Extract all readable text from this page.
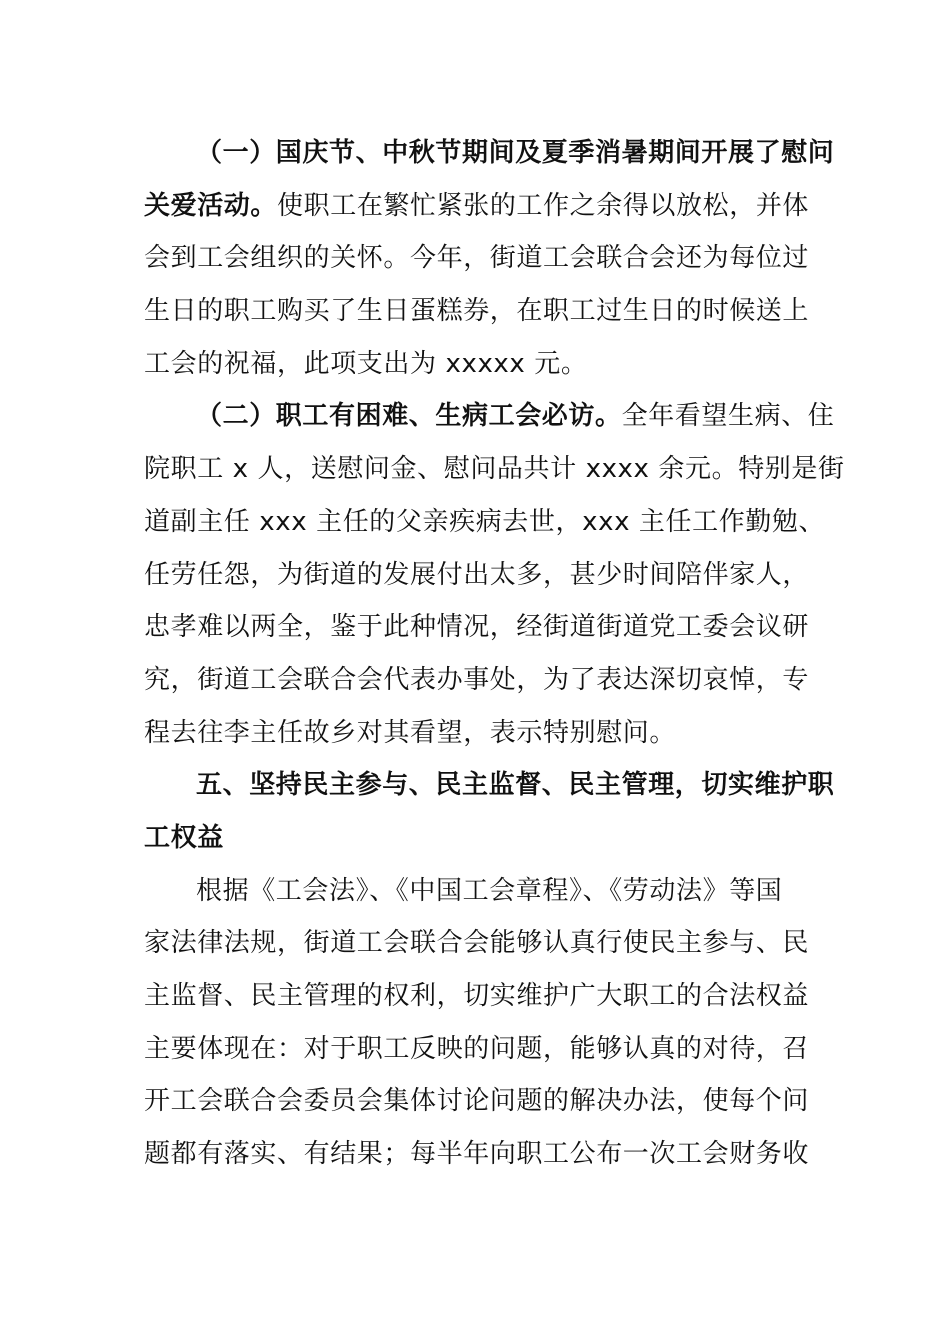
（一）国庆节、中秋节期间及夏季消暑期间开展了慰问
关爱活动。使职工在繁忙紧张的工作之余得以放松，并体
会到工会组织的关怀。今年，街道工会联合会还为每位过
生日的职工购买了生日蛋糕券，在职工过生日的时候送上
工会的祝福，此项支出为 xxxxx 元。
（二）职工有困难、生病工会必访。全年看望生病、住
院职工 x 人，送慰问金、慰问品共计 xxxx 余元。特别是街
道副主任 xxx 主任的父亲疾病去世，xxx 主任工作勤勉、
任劳任怨，为街道的发展付出太多，甚少时间陪伴家人，
忠孝难以两全，鉴于此种情况，经街道街道党工委会议研
究，街道工会联合会代表办事处，为了表达深切哀悼，专
程去往李主任故乡对其看望，表示特别慰问。
五、坚持民主参与、民主监督、民主管理，切实维护职
工权益
根据《工会法》、《中国工会章程》、《劳动法》等国
家法律法规，街道工会联合会能够认真行使民主参与、民
主监督、民主管理的权利，切实维护广大职工的合法权益
主要体现在：对于职工反映的问题，能够认真的对待，召
开工会联合会委员会集体讨论问题的解决办法，使每个问
题都有落实、有结果；每半年向职工公布一次工会财务收
